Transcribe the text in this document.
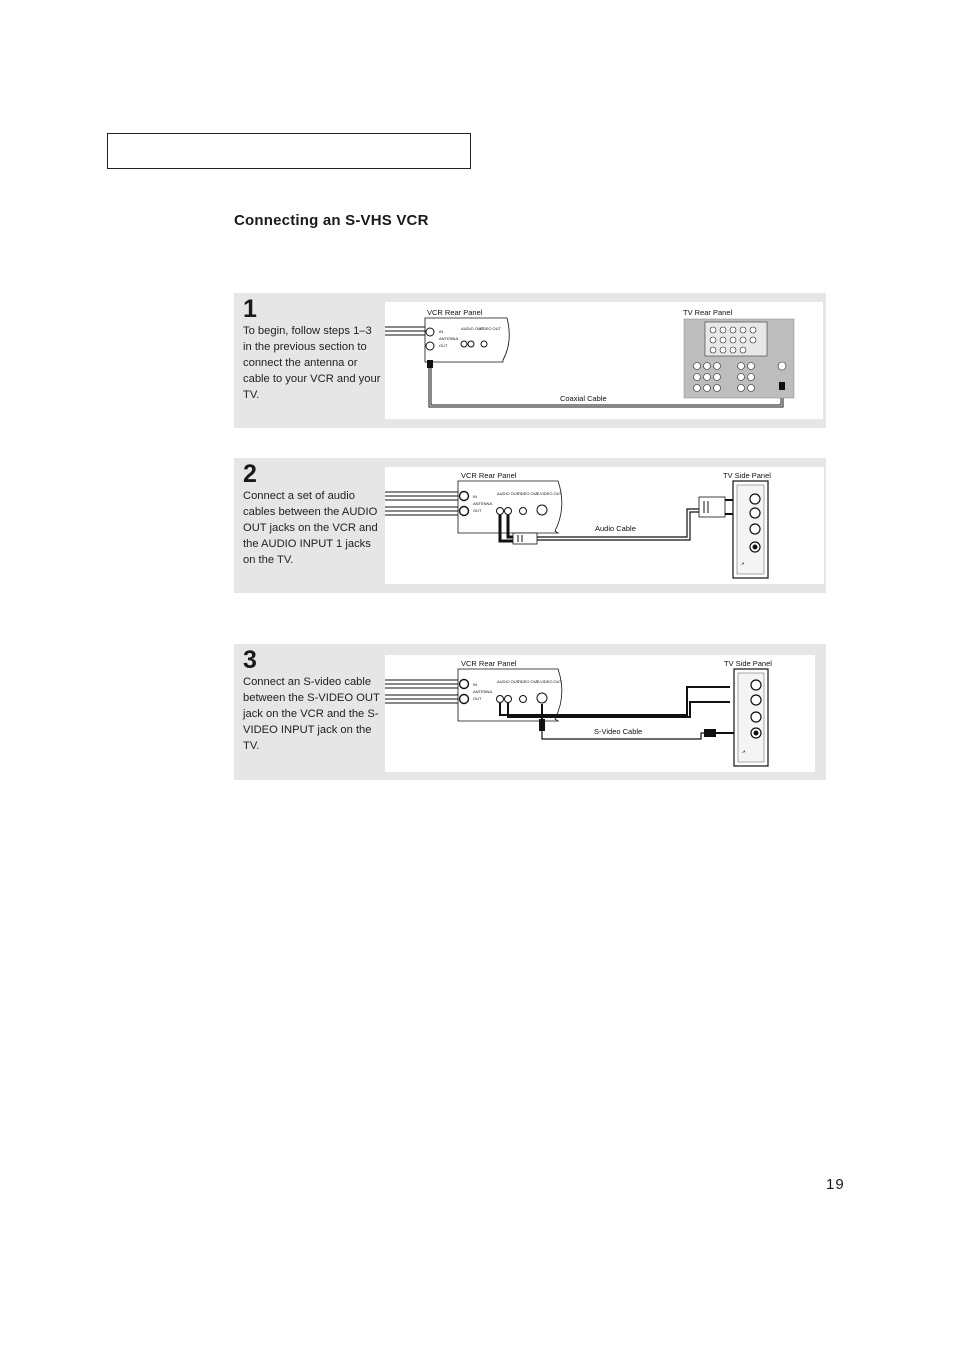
Connecting an S-VHS VCR
1
To begin, follow steps 1–3 in the previous section to connect the antenna or cable to your VCR and your TV.
IN
ANTENNA
OUT
AUDIO OUT
VIDEO OUT
VCR Rear Panel
Coaxial Cable
TV Rear Panel
2
Connect a set of audio cables between the AUDIO OUT jacks on the VCR and the AUDIO INPUT 1 jacks on the TV.
IN
ANTENNA
OUT
AUDIO OUT
VIDEO OUT
S-VIDEO OUT
VCR Rear Panel
Audio Cable
TV Side Panel
☭
3
Connect an S-video cable between the S-VIDEO OUT jack on the VCR and the S-VIDEO INPUT jack on the TV.
IN
ANTENNA
OUT
AUDIO OUT
VIDEO OUT
S-VIDEO OUT
VCR Rear Panel
S-Video Cable
TV Side Panel
☭
19
